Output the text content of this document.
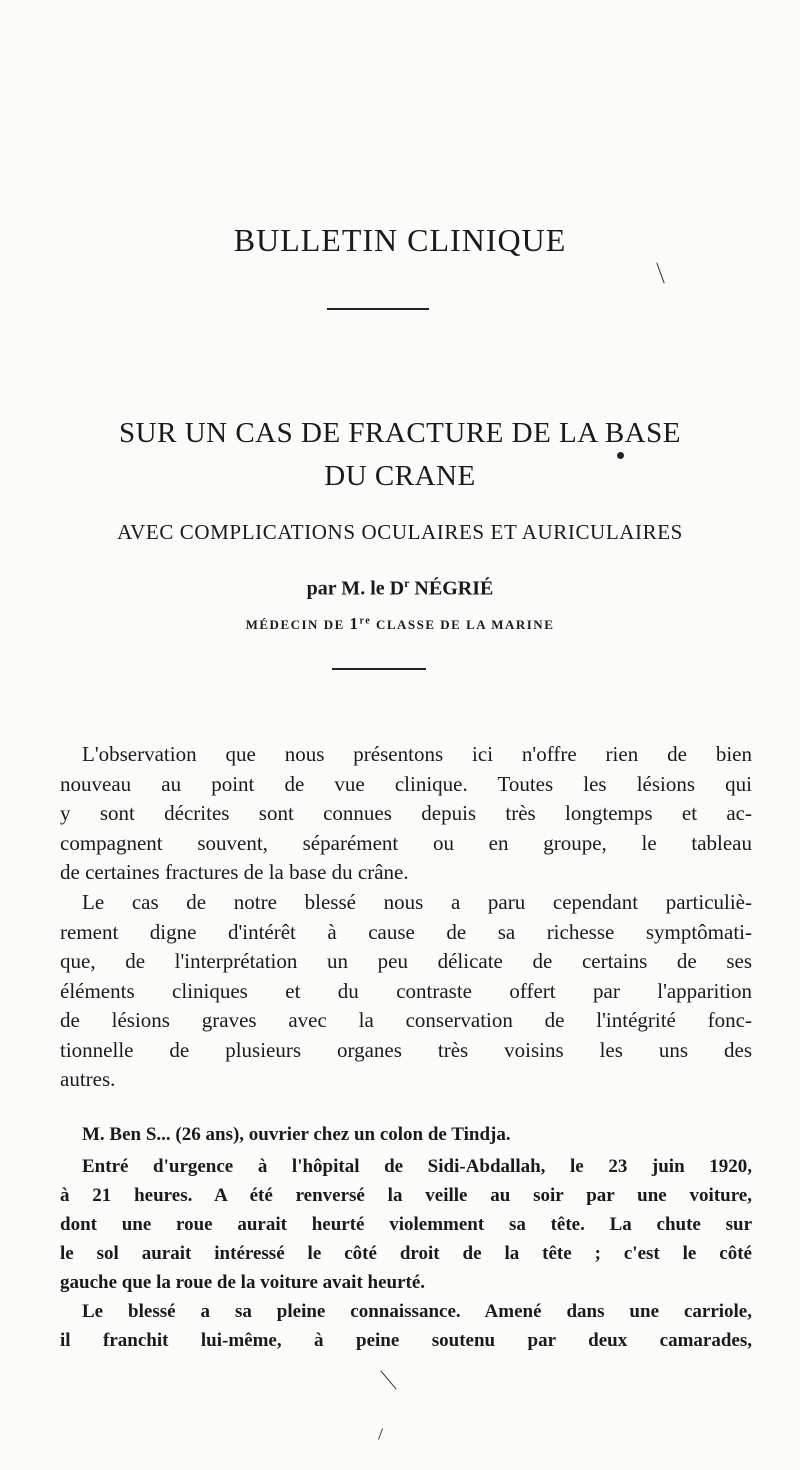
BULLETIN CLINIQUE
SUR UN CAS DE FRACTURE DE LA BASE
DU CRANE
AVEC COMPLICATIONS OCULAIRES ET AURICULAIRES
par M. le $D^r$ NÉGRIÉ
MÉDECIN DE 1re CLASSE DE LA MARINE
L'observation que nous présentons ici n'offre rien de bien
nouveau au point de vue clinique. Toutes les lésions qui
y sont décrites sont connues depuis très longtemps et ac-
compagnent souvent, séparément ou en groupe, le tableau
de certaines fractures de la base du crâne.
Le cas de notre blessé nous a paru cependant particuliè-
rement digne d'intérêt à cause de sa richesse symptômati-
que, de l'interprétation un peu délicate de certains de ses
éléments cliniques et du contraste offert par l'apparition
de lésions graves avec la conservation de l'intégrité fonc-
tionnelle de plusieurs organes très voisins les uns des
autres.
M. Ben S... (26 ans), ouvrier chez un colon de Tindja.
Entré d'urgence à l'hôpital de Sidi-Abdallah, le 23 juin 1920,
à 21 heures. A été renversé la veille au soir par une voiture,
dont une roue aurait heurté violemment sa tête. La chute sur
le sol aurait intéressé le côté droit de la tête ; c'est le côté
gauche que la roue de la voiture avait heurté.
Le blessé a sa pleine connaissance. Amené dans une carriole,
il franchit lui-même, à peine soutenu par deux camarades,
